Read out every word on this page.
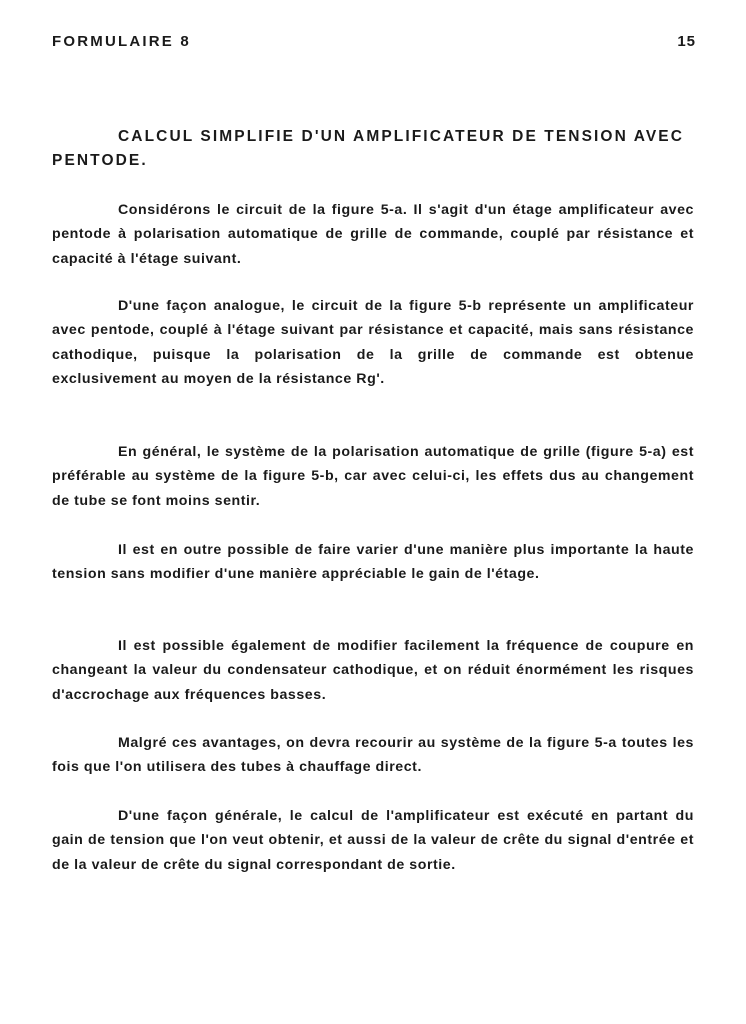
FORMULAIRE 8	15
CALCUL SIMPLIFIE D'UN AMPLIFICATEUR DE TENSION AVEC PENTODE.

Considérons le circuit de la figure 5-a. Il s'agit d'un étage amplificateur avec pentode à polarisation automatique de grille de commande, couplé par résistance et capacité à l'étage suivant.

D'une façon analogue, le circuit de la figure 5-b représente un amplificateur avec pentode, couplé à l'étage suivant par résistance et capacité, mais sans résistance cathodique, puisque la polarisation de la grille de commande est obtenue exclusivement au moyen de la résistance Rg'.

En général, le système de la polarisation automatique de grille (figure 5-a) est préférable au système de la figure 5-b, car avec celui-ci, les effets dus au changement de tube se font moins sentir.

Il est en outre possible de faire varier d'une manière plus importante la haute tension sans modifier d'une manière appréciable le gain de l'étage.

Il est possible également de modifier facilement la fréquence de coupure en changeant la valeur du condensateur cathodique, et on réduit énormément les risques d'accrochage aux fréquences basses.

Malgré ces avantages, on devra recourir au système de la figure 5-a toutes les fois que l'on utilisera des tubes à chauffage direct.

D'une façon générale, le calcul de l'amplificateur est exécuté en partant du gain de tension que l'on veut obtenir, et aussi de la valeur de crête du signal d'entrée et de la valeur de crête du signal correspondant de sortie.
